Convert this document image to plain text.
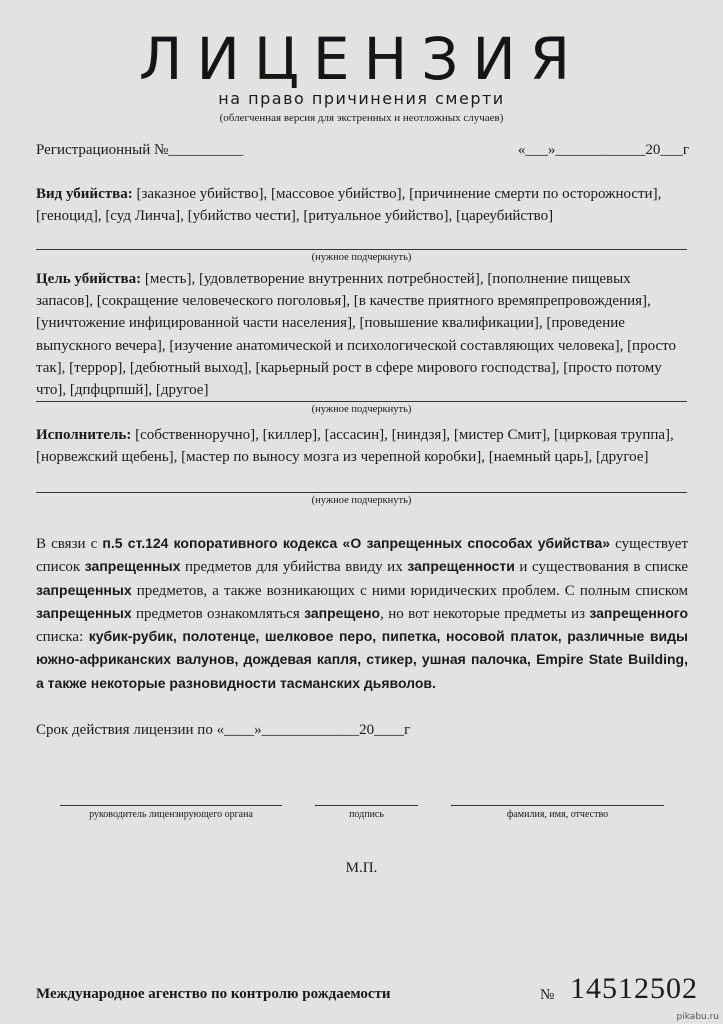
ЛИЦЕНЗИЯ
на право причинения смерти
(облегченная версия для экстренных и неотложных случаев)
Регистрационный №__________	«___»____________20___г
Вид убийства: [заказное убийство], [массовое убийство], [причинение смерти по осторожности], [геноцид], [суд Линча], [убийство чести], [ритуальное убийство], [цареубийство]
(нужное подчеркнуть)
Цель убийства: [месть], [удовлетворение внутренних потребностей], [пополнение пищевых запасов], [сокращение человеческого поголовья], [в качестве приятного времяпрепровождения], [уничтожение инфицированной части населения], [повышение квалификации], [проведение выпускного вечера], [изучение анатомической и психологической составляющих человека], [просто так], [террор], [дебютный выход], [карьерный рост в сфере мирового господства], [просто потому что], [дпфцрпшй], [другое]
(нужное подчеркнуть)
Исполнитель: [собственноручно], [киллер], [ассасин], [ниндзя], [мистер Смит], [цирковая труппа], [норвежский щебень], [мастер по выносу мозга из черепной коробки], [наемный царь], [другое]
(нужное подчеркнуть)
В связи с п.5 ст.124 копоративного кодекса «О запрещенных способах убийства» существует список запрещенных предметов для убийства ввиду их запрещенности и существования в списке запрещенных предметов, а также возникающих с ними юридических проблем. С полным списком запрещенных предметов ознакомляться запрещено, но вот некоторые предметы из запрещенного списка: кубик-рубик, полотенце, шелковое перо, пипетка, носовой платок, различные виды южно-африканских валунов, дождевая капля, стикер, ушная палочка, Empire State Building, а также некоторые разновидности тасманских дьяволов.
Срок действия лицензии по «____»_____________20____г
руководитель лицензирующего органа	подпись	фамилия, имя, отчество
М.П.
Международное агенство по контролю рождаемости	№ 14512502
pikabu.ru
